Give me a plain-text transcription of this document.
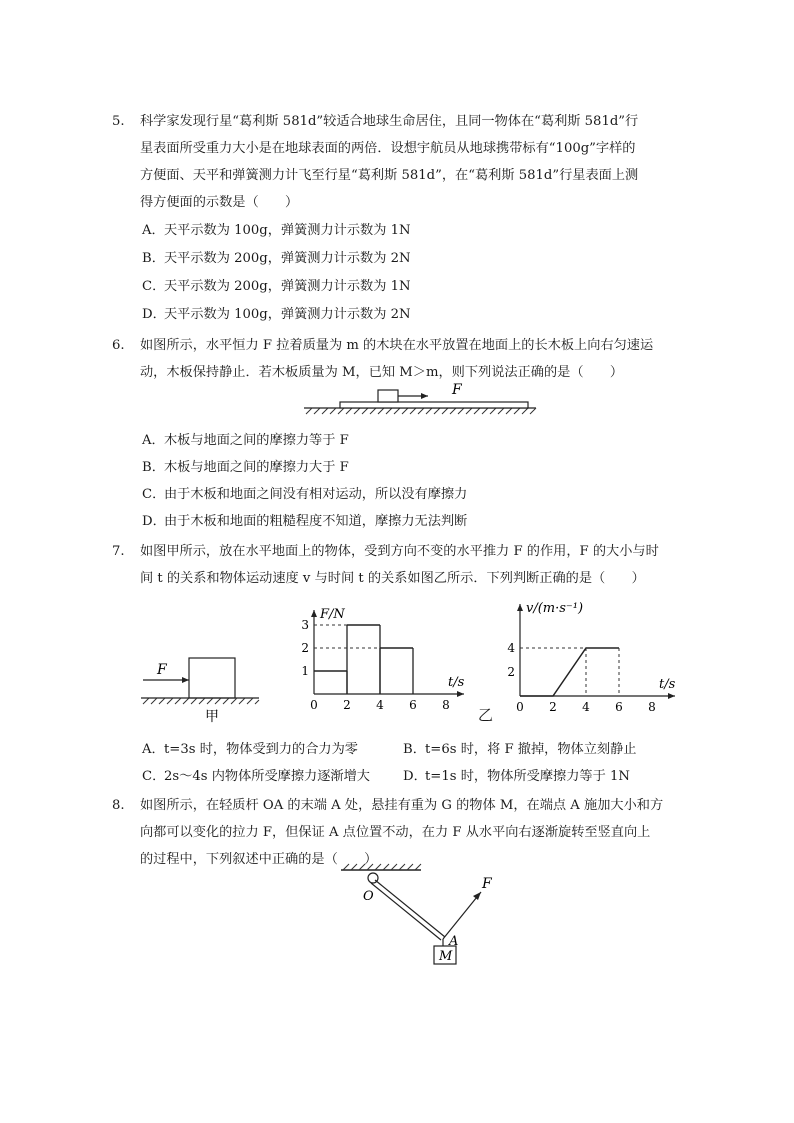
5.	科学家发现行星“葛利斯 581d”较适合地球生命居住，且同一物体在“葛利斯 581d”行
星表面所受重力大小是在地球表面的两倍．设想宇航员从地球携带标有“100g”字样的
方便面、天平和弹簧测力计飞至行星“葛利斯 581d”，在“葛利斯 581d”行星表面上测
得方便面的示数是（　　）
A．天平示数为 100g，弹簧测力计示数为 1N
B．天平示数为 200g，弹簧测力计示数为 2N
C．天平示数为 200g，弹簧测力计示数为 1N
D．天平示数为 100g，弹簧测力计示数为 2N
6.	如图所示，水平恒力 F 拉着质量为 m 的木块在水平放置在地面上的长木板上向右匀速运
动，木板保持静止．若木板质量为 M，已知 M＞m，则下列说法正确的是（　　）
F
A．木板与地面之间的摩擦力等于 F
B．木板与地面之间的摩擦力大于 F
C．由于木板和地面之间没有相对运动，所以没有摩擦力
D．由于木板和地面的粗糙程度不知道，摩擦力无法判断
7.	如图甲所示，放在水平地面上的物体，受到方向不变的水平推力 F 的作用，F 的大小与时
间 t 的关系和物体运动速度 v 与时间 t 的关系如图乙所示．下列判断正确的是（　　）
F
甲
F/N
t/s
0 2 4 6 8
1
2
3
乙
v/(m·s⁻¹)
t/s
0 2 4 6 8
2
4
A．t=3s 时，物体受到力的合力为零	B．t=6s 时，将 F 撤掉，物体立刻静止
C．2s～4s 内物体所受摩擦力逐渐增大	D．t=1s 时，物体所受摩擦力等于 1N
8.	如图所示，在轻质杆 OA 的末端 A 处，悬挂有重为 G 的物体 M，在端点 A 施加大小和方
向都可以变化的拉力 F，但保证 A 点位置不动，在力 F 从水平向右逐渐旋转至竖直向上
的过程中，下列叙述中正确的是（　　）
O
A
M
F
